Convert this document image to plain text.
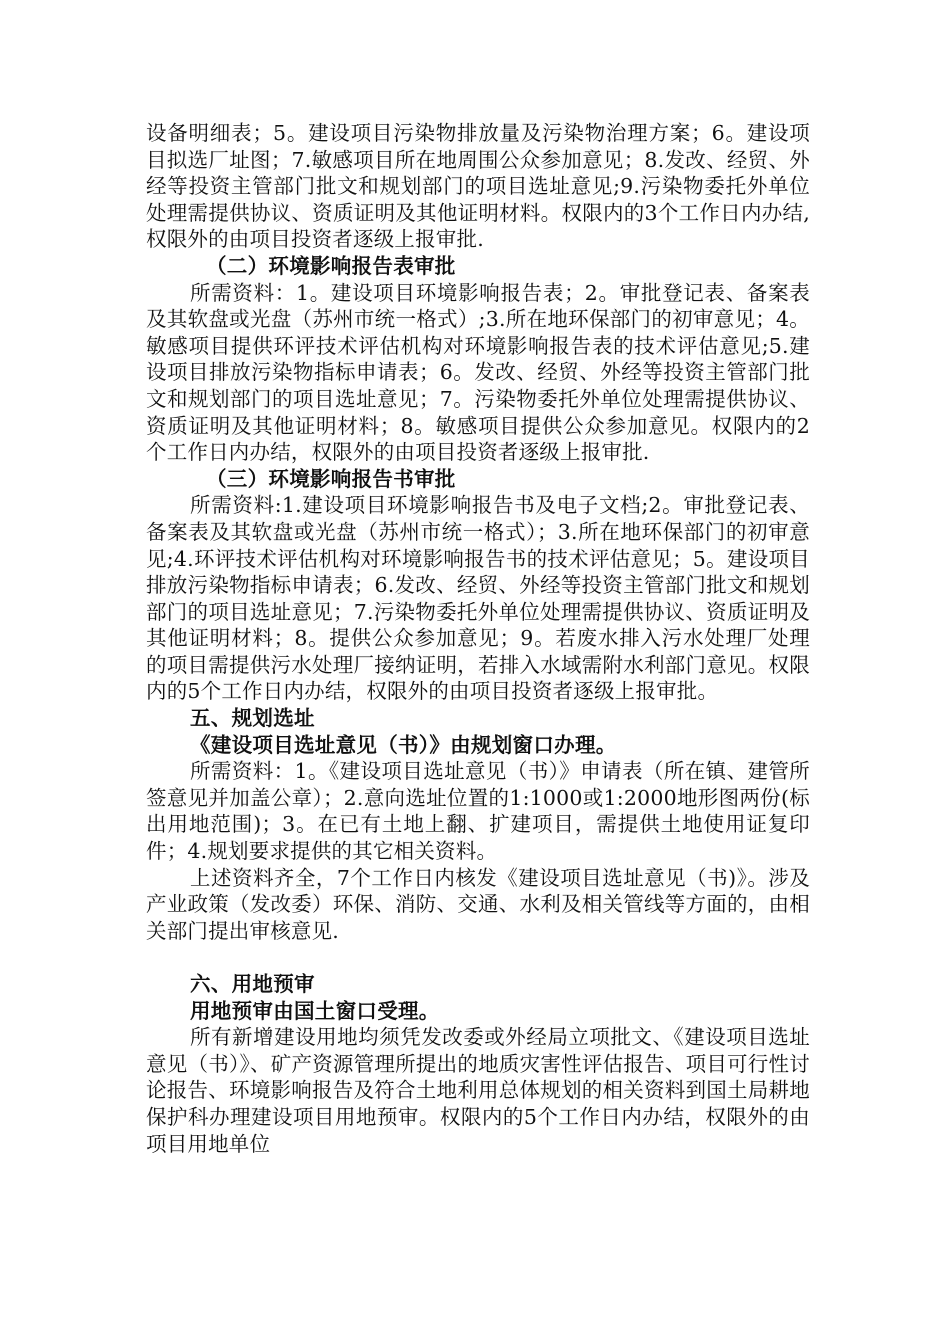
设备明细表；5。建设项目污染物排放量及污染物治理方案；6。建设项目拟选厂址图；7.敏感项目所在地周围公众参加意见；8.发改、经贸、外经等投资主管部门批文和规划部门的项目选址意见;9.污染物委托外单位处理需提供协议、资质证明及其他证明材料。权限内的3个工作日内办结,权限外的由项目投资者逐级上报审批.

（二）环境影响报告表审批

所需资料：1。建设项目环境影响报告表；2。审批登记表、备案表及其软盘或光盘（苏州市统一格式）;3.所在地环保部门的初审意见；4。敏感项目提供环评技术评估机构对环境影响报告表的技术评估意见;5.建设项目排放污染物指标申请表；6。发改、经贸、外经等投资主管部门批文和规划部门的项目选址意见；7。污染物委托外单位处理需提供协议、资质证明及其他证明材料；8。敏感项目提供公众参加意见。权限内的2个工作日内办结，权限外的由项目投资者逐级上报审批.

（三）环境影响报告书审批

所需资料:1.建设项目环境影响报告书及电子文档;2。审批登记表、备案表及其软盘或光盘（苏州市统一格式）；3.所在地环保部门的初审意见;4.环评技术评估机构对环境影响报告书的技术评估意见；5。建设项目排放污染物指标申请表；6.发改、经贸、外经等投资主管部门批文和规划部门的项目选址意见；7.污染物委托外单位处理需提供协议、资质证明及其他证明材料；8。提供公众参加意见；9。若废水排入污水处理厂处理的项目需提供污水处理厂接纳证明，若排入水域需附水利部门意见。权限内的5个工作日内办结，权限外的由项目投资者逐级上报审批。

五、规划选址

《建设项目选址意见（书）》由规划窗口办理。

所需资料：1。《建设项目选址意见（书）》申请表（所在镇、建管所签意见并加盖公章）；2.意向选址位置的1:1000或1:2000地形图两份(标出用地范围)；3。在已有土地上翻、扩建项目，需提供土地使用证复印件；4.规划要求提供的其它相关资料。

上述资料齐全，7个工作日内核发《建设项目选址意见（书)》。涉及产业政策（发改委）环保、消防、交通、水利及相关管线等方面的，由相关部门提出审核意见.

六、用地预审

用地预审由国土窗口受理。

所有新增建设用地均须凭发改委或外经局立项批文、《建设项目选址意见（书）》、矿产资源管理所提出的地质灾害性评估报告、项目可行性讨论报告、环境影响报告及符合土地利用总体规划的相关资料到国土局耕地保护科办理建设项目用地预审。权限内的5个工作日内办结，权限外的由项目用地单位
